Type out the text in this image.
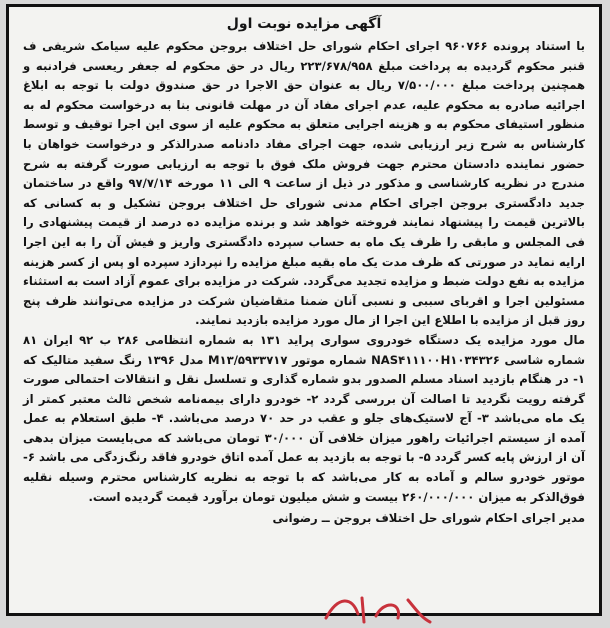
آگهی مزایده نوبت اول

با استناد پرونده ۹۶۰۷۶۶ اجرای احکام شورای حل اختلاف بروجن محکوم علیه سیامک شریفی ف قنبر محکوم گردیده به پرداخت مبلغ ۲۲۳/۶۷۸/۹۵۸ ریال در حق محکوم له جعفر ریعسی فرادنبه و همچنین پرداخت مبلغ ۷/۵۰۰/۰۰۰ ریال به عنوان حق الاجرا در حق صندوق دولت با توجه به ابلاغ اجرائیه صادره به محکوم علیه، عدم اجرای مفاد آن در مهلت قانونی بنا به درخواست محکوم له به منظور استیفای محکوم به و هزینه اجرایی متعلق به محکوم علیه از سوی این اجرا توقیف و توسط کارشناس به شرح زیر ارزیابی شده، جهت اجرای مفاد دادنامه صدرالذکر و درخواست خواهان با حضور نماینده دادستان محترم جهت فروش ملک فوق با توجه به ارزیابی صورت گرفته به شرح مندرج در نظریه کارشناسی و مذکور در ذیل از ساعت ۹ الی ۱۱ مورخه ۹۷/۷/۱۴ واقع در ساختمان جدید دادگستری بروجن اجرای احکام مدنی شورای حل اختلاف بروجن تشکیل و به کسانی که بالاترین قیمت را پیشنهاد نمایند فروخته خواهد شد و برنده مزایده ده درصد از قیمت پیشنهادی را فی المجلس و مابقی را ظرف یک ماه به حساب سپرده دادگستری واریز و فیش آن را به این اجرا ارایه نماید در صورتی که ظرف مدت یک ماه بقیه مبلغ مزایده را نپردازد سپرده او پس از کسر هزینه مزایده به نفع دولت ضبط و مزایده تجدید می‌گردد. شرکت در مزایده برای عموم آزاد است به استثناء مسئولین اجرا و اقربای سببی و نسبی آنان ضمنا متقاضیان شرکت در مزایده می‌توانند ظرف پنج روز قبل از مزایده با اطلاع این اجرا از مال مورد مزایده بازدید نمایند.

مال مورد مزایده یک دستگاه خودروی سواری پراید ۱۳۱ به شماره انتظامی ۲۸۶ ب ۹۲ ایران ۸۱ شماره شاسی NAS۴۱۱۱۰۰H۱۰۳۴۳۲۶ شماره موتور M۱۳/۵۹۳۳۷۱۷ مدل ۱۳۹۶ رنگ سفید متالیک که ۱- در هنگام بازدید اسناد مسلم الصدور بدو شماره گذاری و تسلسل نقل و انتقالات احتمالی صورت گرفته رویت نگردید تا اصالت آن بررسی گردد ۲- خودرو دارای بیمه‌نامه شخص ثالث معتبر کمتر از یک ماه می‌باشد ۳- آج لاستیک‌های جلو و عقب در حد ۷۰ درصد می‌باشد. ۴- طبق استعلام به عمل آمده از سیستم اجرائیات راهور میزان خلافی آن ۳۰/۰۰۰ تومان می‌باشد که می‌بایست میزان بدهی آن از ارزش پایه کسر گردد ۵- با توجه به بازدید به عمل آمده اتاق خودرو فاقد رنگ‌زدگی می باشد ۶- موتور خودرو سالم و آماده به کار می‌باشد که با توجه به نظریه کارشناس محترم وسیله نقلیه فوق‌الذکر به میزان ۲۶۰/۰۰۰/۰۰۰ بیست و شش میلیون تومان برآورد قیمت گردیده است.

مدیر اجرای احکام شورای حل اختلاف بروجن ــ رضوانی
